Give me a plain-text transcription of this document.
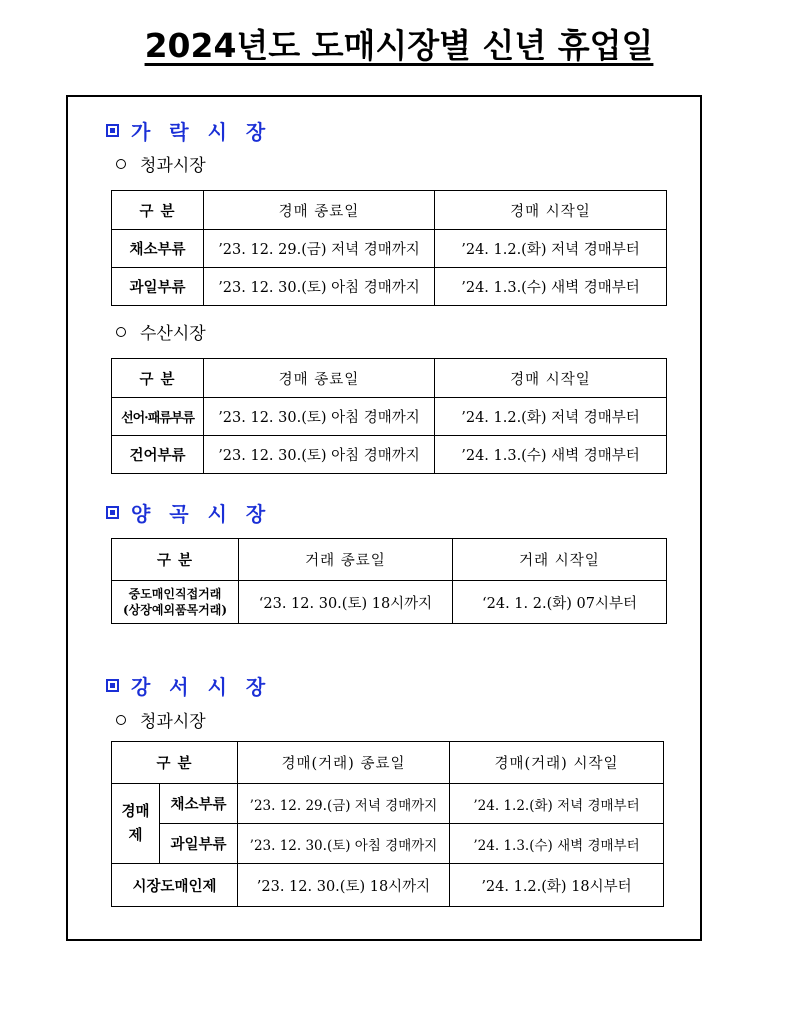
2024년도 도매시장별 신년 휴업일
가 락 시 장
청과시장
구 분	경매 종료일	경매 시작일
채소부류	’23. 12. 29.(금) 저녁 경매까지	’24. 1.2.(화) 저녁 경매부터
과일부류	’23. 12. 30.(토) 아침 경매까지	’24. 1.3.(수) 새벽 경매부터
수산시장
구 분	경매 종료일	경매 시작일
선어·패류부류	’23. 12. 30.(토) 아침 경매까지	’24. 1.2.(화) 저녁 경매부터
건어부류	’23. 12. 30.(토) 아침 경매까지	’24. 1.3.(수) 새벽 경매부터
양 곡 시 장
구 분	거래 종료일	거래 시작일

중도매인직접거래
(상장예외품목거래)	‘23. 12. 30.(토) 18시까지	‘24. 1. 2.(화) 07시부터
강 서 시 장
청과시장
구 분		경매(거래) 종료일	경매(거래) 시작일

경매
제	채소부류	’23. 12. 29.(금) 저녁 경매까지	’24. 1.2.(화) 저녁 경매부터
	과일부류	’23. 12. 30.(토) 아침 경매까지	’24. 1.3.(수) 새벽 경매부터
시장도매인제		’23. 12. 30.(토) 18시까지	’24. 1.2.(화) 18시부터
